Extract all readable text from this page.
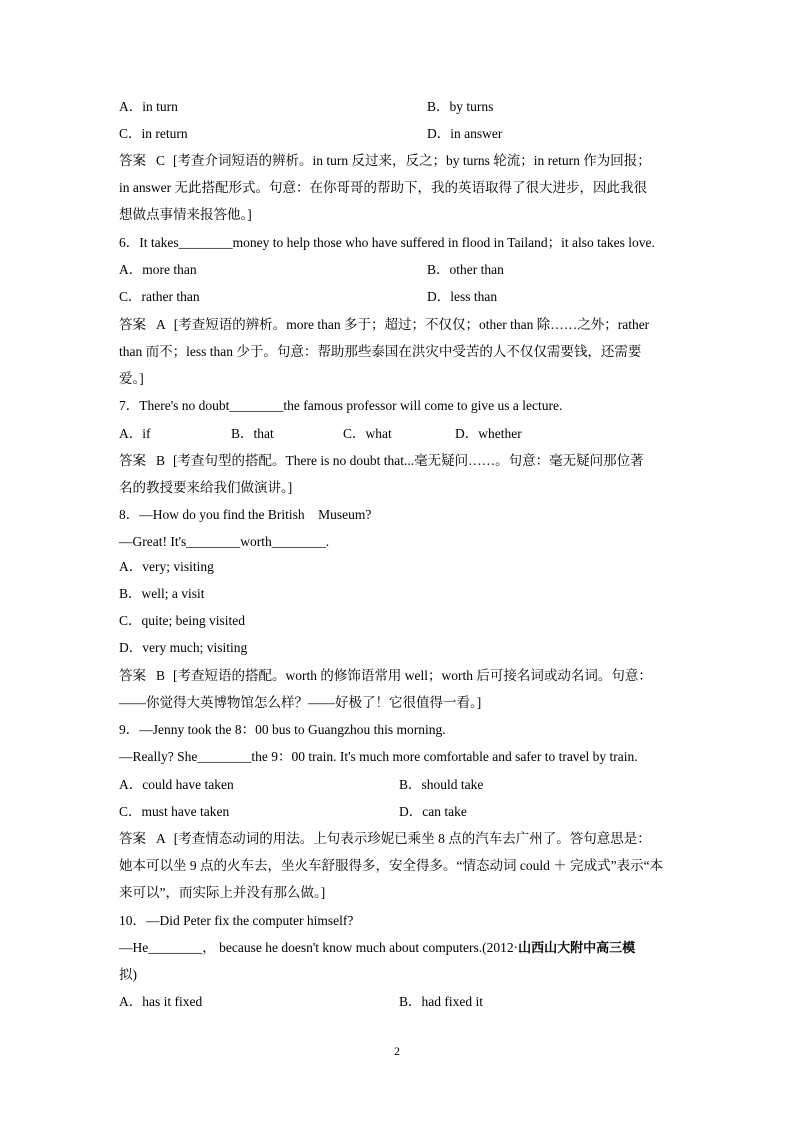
A．in turn	B．by turns
C．in return	D．in answer
答案 C [考查介词短语的辨析。in turn 反过来，反之；by turns 轮流；in return 作为回报；
in answer 无此搭配形式。句意：在你哥哥的帮助下，我的英语取得了很大进步，因此我很
想做点事情来报答他。]
6．It takes________money to help those who have suffered in flood in Tailand；it also takes love.
A．more than	B．other than
C．rather than	D．less than
答案 A [考查短语的辨析。more than 多于；超过；不仅仅；other than 除……之外；rather
than 而不；less than 少于。句意：帮助那些泰国在洪灾中受苦的人不仅仅需要钱，还需要
爱。]
7．There's no doubt________the famous professor will come to give us a lecture.
A．if	B．that	C．what	D．whether
答案 B [考查句型的搭配。There is no doubt that...毫无疑问……。句意：毫无疑问那位著
名的教授要来给我们做演讲。]
8．—How do you find the British　Museum?
—Great! It's________worth________.
A．very; visiting
B．well; a visit
C．quite; being visited
D．very much; visiting
答案 B [考查短语的搭配。worth 的修饰语常用 well；worth 后可接名词或动名词。句意：
——你觉得大英博物馆怎么样？——好极了！它很值得一看。]
9．—Jenny took the 8：00 bus to Guangzhou this morning.
—Really? She________the 9：00 train. It's much more comfortable and safer to travel by train.
A．could have taken	B．should take
C．must have taken	D．can take
答案 A [考查情态动词的用法。上句表示珍妮已乘坐 8 点的汽车去广州了。答句意思是：
她本可以坐 9 点的火车去，坐火车舒服得多，安全得多。“情态动词 could ＋ 完成式”表示“本
来可以”，而实际上并没有那么做。]
10．—Did Peter fix the computer himself?
—He________， because he doesn't know much about computers.(2012·山西山大附中高三模
拟)
A．has it fixed	B．had fixed it
2
